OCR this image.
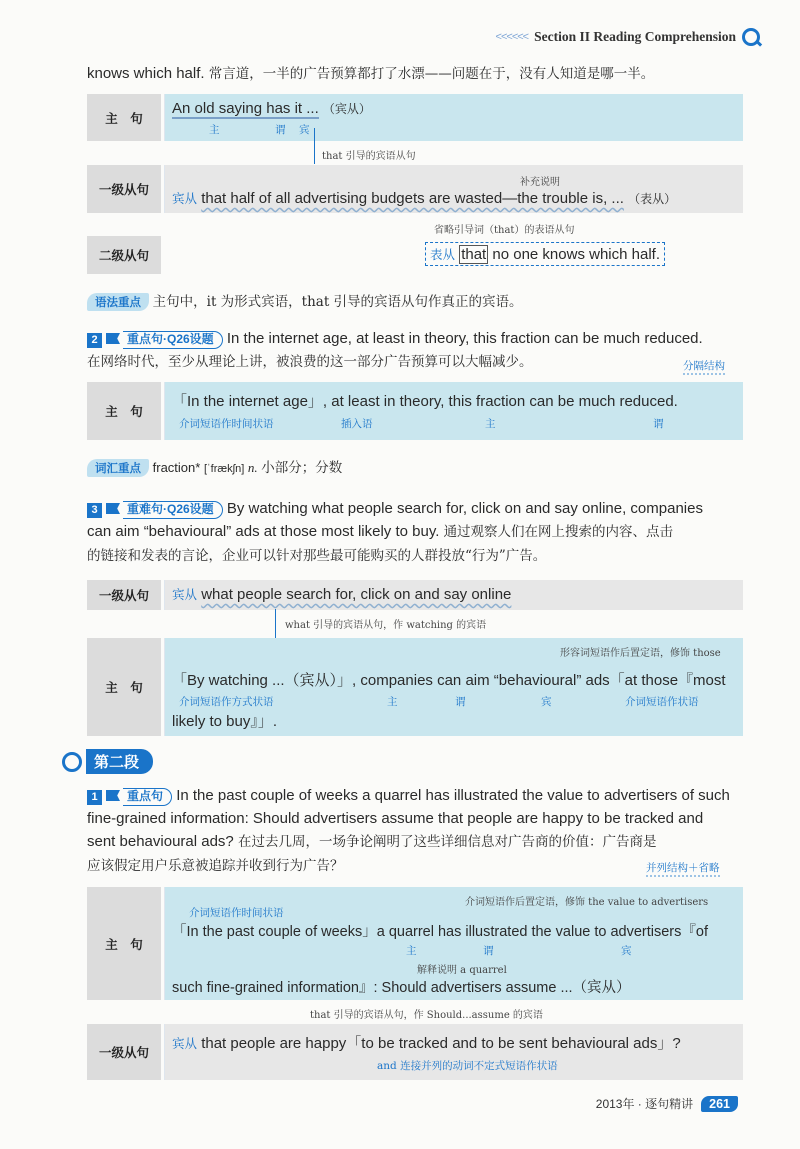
<<<<<< Section II Reading Comprehension
knows which half. 常言道，一半的广告预算都打了水漂——问题在于，没有人知道是哪一半。
主　句
An old saying has it ... （宾从）
主	谓 宾
that 引导的宾语从句
一级从句
补充说明
宾从 that half of all advertising budgets are wasted—the trouble is, ... （表从）
省略引导词（that）的表语从句
二级从句	表从 that no one knows which half.
语法重点 主句中，it 为形式宾语，that 引导的宾语从句作真正的宾语。
2 重点句·Q26设题 In the internet age, at least in theory, this fraction can be much reduced.
在网络时代，至少从理论上讲，被浪费的这一部分广告预算可以大幅减少。	分隔结构
主　句
「In the internet age」, at least in theory, this fraction can be much reduced.
介词短语作时间状语	插入语	主	谓
词汇重点 fraction* [ˈfrækʃn] n. 小部分；分数
3 重难句·Q26设题 By watching what people search for, click on and say online, companies
can aim “behavioural” ads at those most likely to buy. 通过观察人们在网上搜索的内容、点击
的链接和发表的言论，企业可以针对那些最可能购买的人群投放“行为”广告。
一级从句	宾从 what people search for, click on and say online
what 引导的宾语从句，作 watching 的宾语
主　句
形容词短语作后置定语，修饰 those
「By watching ...（宾从）」, companies can aim “behavioural” ads「at those『most
介词短语作方式状语	主	谓	宾	介词短语作状语
likely to buy』」.
第二段
1 重点句 In the past couple of weeks a quarrel has illustrated the value to advertisers of such
fine-grained information: Should advertisers assume that people are happy to be tracked and
sent behavioural ads? 在过去几周，一场争论阐明了这些详细信息对广告商的价值：广告商是
应该假定用户乐意被追踪并收到行为广告？	并列结构＋省略
主　句
介词短语作后置定语，修饰 the value to advertisers
介词短语作时间状语
「In the past couple of weeks」a quarrel has illustrated the value to advertisers『of
主	谓	宾
解释说明 a quarrel
such fine-grained information』: Should advertisers assume ...（宾从）
that 引导的宾语从句，作 Should...assume 的宾语
一级从句
宾从 that people are happy「to be tracked and to be sent behavioural ads」?
and 连接并列的动词不定式短语作状语
2013年 · 逐句精讲	261
